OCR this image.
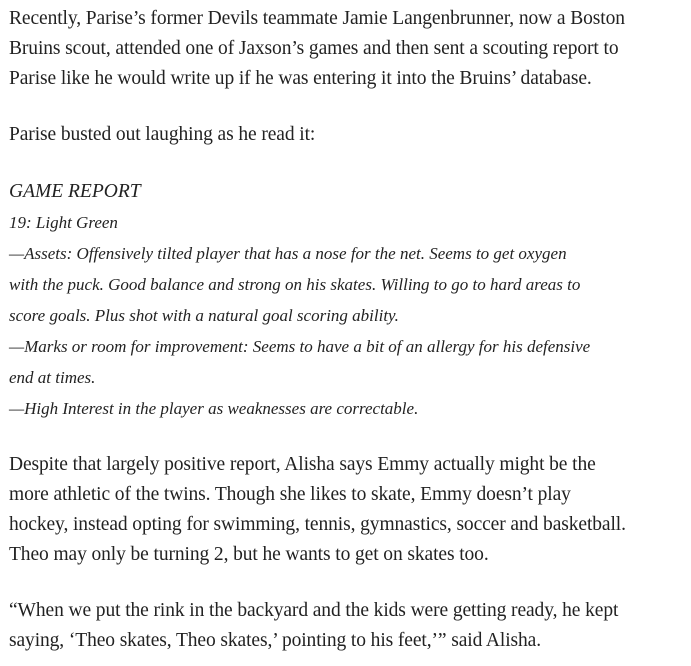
Recently, Parise’s former Devils teammate Jamie Langenbrunner, now a Boston
Bruins scout, attended one of Jaxson’s games and then sent a scouting report to
Parise like he would write up if he was entering it into the Bruins’ database.

Parise busted out laughing as he read it:

GAME REPORT
19: Light Green
—Assets: Offensively tilted player that has a nose for the net. Seems to get oxygen
with the puck. Good balance and strong on his skates. Willing to go to hard areas to
score goals. Plus shot with a natural goal scoring ability.
—Marks or room for improvement: Seems to have a bit of an allergy for his defensive
end at times.
—High Interest in the player as weaknesses are correctable.

Despite that largely positive report, Alisha says Emmy actually might be the
more athletic of the twins. Though she likes to skate, Emmy doesn’t play
hockey, instead opting for swimming, tennis, gymnastics, soccer and basketball.
Theo may only be turning 2, but he wants to get on skates too.

“When we put the rink in the backyard and the kids were getting ready, he kept
saying, ‘Theo skates, Theo skates,’ pointing to his feet,’” said Alisha.
